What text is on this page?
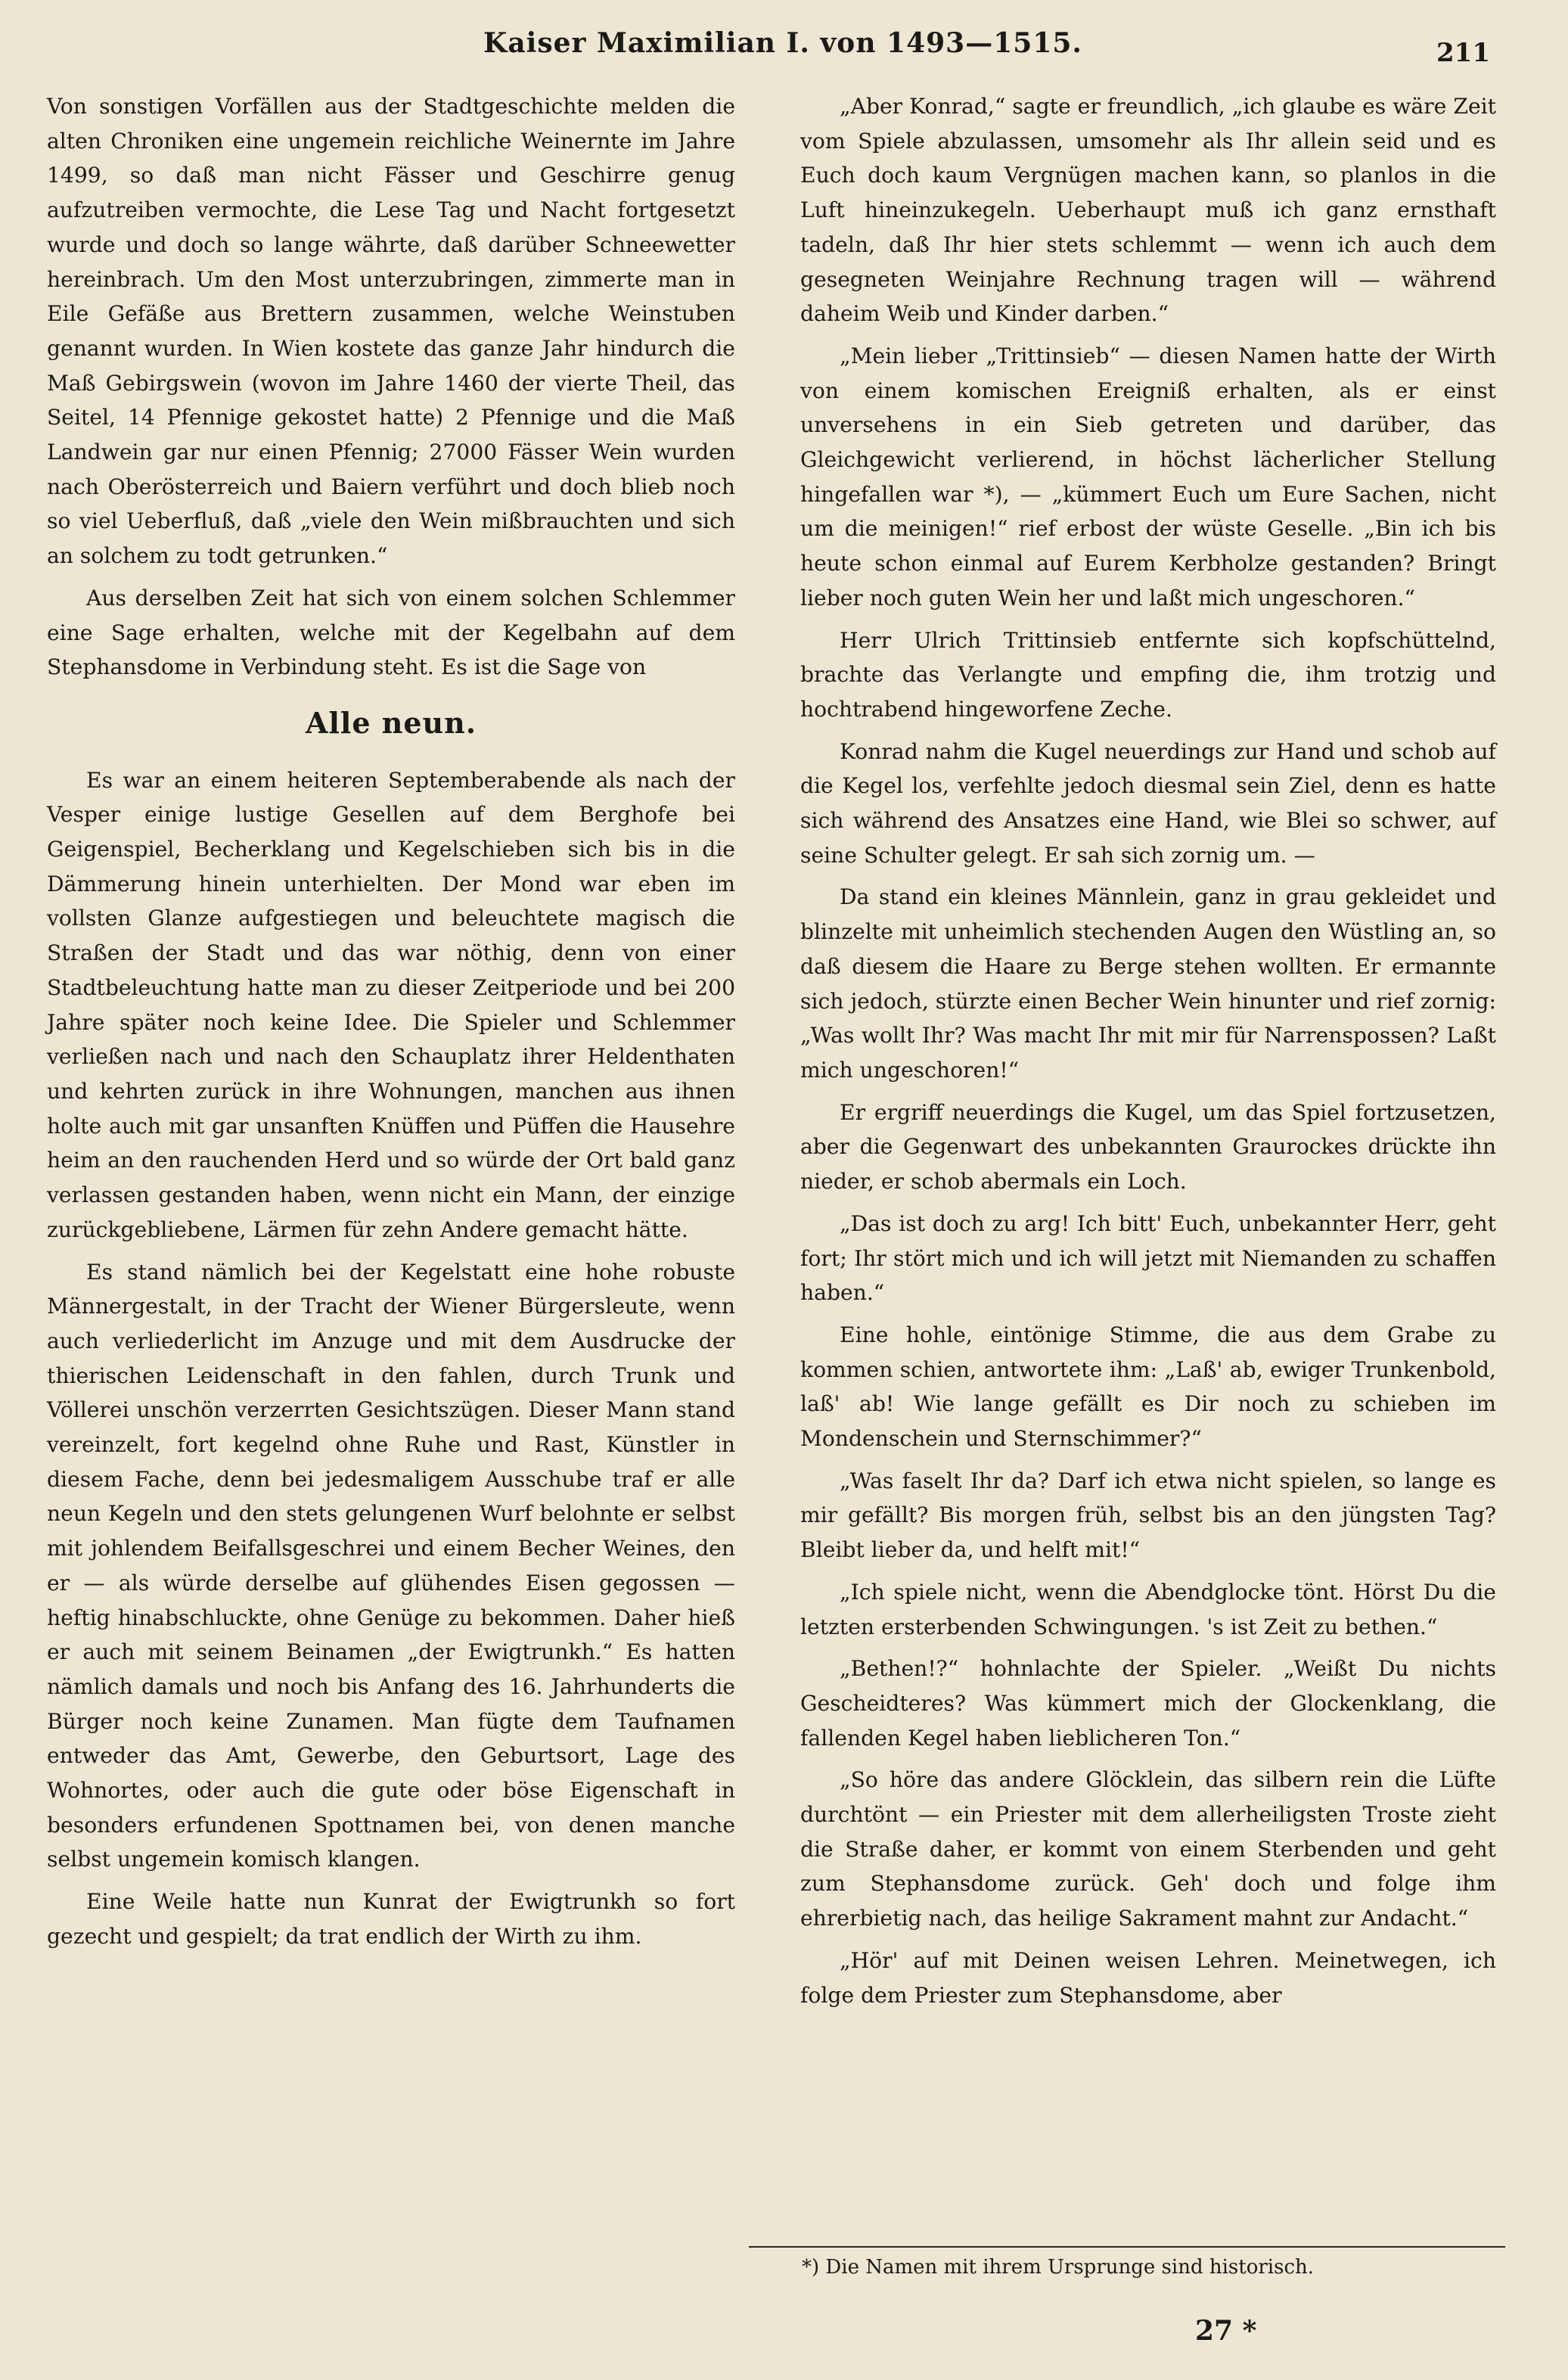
Kaiser Maximilian I. von 1493—1515.	211

Von sonstigen Vorfällen aus der Stadtgeschichte melden die alten Chroniken eine ungemein reichliche Weinernte im Jahre 1499, so daß man nicht Fässer und Geschirre genug aufzutreiben vermochte, die Lese Tag und Nacht fortgesetzt wurde und doch so lange währte, daß darüber Schneewetter hereinbrach. Um den Most unterzubringen, zimmerte man in Eile Gefäße aus Brettern zusammen, welche Weinstuben genannt wurden. In Wien kostete das ganze Jahr hindurch die Maß Gebirgswein (wovon im Jahre 1460 der vierte Theil, das Seitel, 14 Pfennige gekostet hatte) 2 Pfennige und die Maß Landwein gar nur einen Pfennig; 27000 Fässer Wein wurden nach Oberösterreich und Baiern verführt und doch blieb noch so viel Ueberfluß, daß „viele den Wein mißbrauchten und sich an solchem zu todt getrunken.“

Aus derselben Zeit hat sich von einem solchen Schlemmer eine Sage erhalten, welche mit der Kegelbahn auf dem Stephansdome in Verbindung steht. Es ist die Sage von

Alle neun.

Es war an einem heiteren Septemberabende als nach der Vesper einige lustige Gesellen auf dem Berghofe bei Geigenspiel, Becherklang und Kegelschieben sich bis in die Dämmerung hinein unterhielten. Der Mond war eben im vollsten Glanze aufgestiegen und beleuchtete magisch die Straßen der Stadt und das war nöthig, denn von einer Stadtbeleuchtung hatte man zu dieser Zeitperiode und bei 200 Jahre später noch keine Idee. Die Spieler und Schlemmer verließen nach und nach den Schauplatz ihrer Heldenthaten und kehrten zurück in ihre Wohnungen, manchen aus ihnen holte auch mit gar unsanften Knüffen und Püffen die Hausehre heim an den rauchenden Herd und so würde der Ort bald ganz verlassen gestanden haben, wenn nicht ein Mann, der einzige zurückgebliebene, Lärmen für zehn Andere gemacht hätte.

Es stand nämlich bei der Kegelstatt eine hohe robuste Männergestalt, in der Tracht der Wiener Bürgersleute, wenn auch verliederlicht im Anzuge und mit dem Ausdrucke der thierischen Leidenschaft in den fahlen, durch Trunk und Völlerei unschön verzerrten Gesichtszügen. Dieser Mann stand vereinzelt, fort kegelnd ohne Ruhe und Rast, Künstler in diesem Fache, denn bei jedesmaligem Ausschube traf er alle neun Kegeln und den stets gelungenen Wurf belohnte er selbst mit johlendem Beifallsgeschrei und einem Becher Weines, den er — als würde derselbe auf glühendes Eisen gegossen — heftig hinabschluckte, ohne Genüge zu bekommen. Daher hieß er auch mit seinem Beinamen „der Ewigtrunkh.“ Es hatten nämlich damals und noch bis Anfang des 16. Jahrhunderts die Bürger noch keine Zunamen. Man fügte dem Taufnamen entweder das Amt, Gewerbe, den Geburtsort, Lage des Wohnortes, oder auch die gute oder böse Eigenschaft in besonders erfundenen Spottnamen bei, von denen manche selbst ungemein komisch klangen.

Eine Weile hatte nun Kunrat der Ewigtrunkh so fort gezecht und gespielt; da trat endlich der Wirth zu ihm.

„Aber Konrad,“ sagte er freundlich, „ich glaube es wäre Zeit vom Spiele abzulassen, umsomehr als Ihr allein seid und es Euch doch kaum Vergnügen machen kann, so planlos in die Luft hineinzukegeln. Ueberhaupt muß ich ganz ernsthaft tadeln, daß Ihr hier stets schlemmt — wenn ich auch dem gesegneten Weinjahre Rechnung tragen will — während daheim Weib und Kinder darben.“

„Mein lieber „Trittinsieb“ — diesen Namen hatte der Wirth von einem komischen Ereigniß erhalten, als er einst unversehens in ein Sieb getreten und darüber, das Gleichgewicht verlierend, in höchst lächerlicher Stellung hingefallen war *), — „kümmert Euch um Eure Sachen, nicht um die meinigen!“ rief erbost der wüste Geselle. „Bin ich bis heute schon einmal auf Eurem Kerbholze gestanden? Bringt lieber noch guten Wein her und laßt mich ungeschoren.“

Herr Ulrich Trittinsieb entfernte sich kopfschüttelnd, brachte das Verlangte und empfing die, ihm trotzig und hochtrabend hingeworfene Zeche.

Konrad nahm die Kugel neuerdings zur Hand und schob auf die Kegel los, verfehlte jedoch diesmal sein Ziel, denn es hatte sich während des Ansatzes eine Hand, wie Blei so schwer, auf seine Schulter gelegt. Er sah sich zornig um. —

Da stand ein kleines Männlein, ganz in grau gekleidet und blinzelte mit unheimlich stechenden Augen den Wüstling an, so daß diesem die Haare zu Berge stehen wollten. Er ermannte sich jedoch, stürzte einen Becher Wein hinunter und rief zornig: „Was wollt Ihr? Was macht Ihr mit mir für Narrenspossen? Laßt mich ungeschoren!“

Er ergriff neuerdings die Kugel, um das Spiel fortzusetzen, aber die Gegenwart des unbekannten Graurockes drückte ihn nieder, er schob abermals ein Loch.

„Das ist doch zu arg! Ich bitt' Euch, unbekannter Herr, geht fort; Ihr stört mich und ich will jetzt mit Niemanden zu schaffen haben.“

Eine hohle, eintönige Stimme, die aus dem Grabe zu kommen schien, antwortete ihm: „Laß' ab, ewiger Trunkenbold, laß' ab! Wie lange gefällt es Dir noch zu schieben im Mondenschein und Sternschimmer?“

„Was faselt Ihr da? Darf ich etwa nicht spielen, so lange es mir gefällt? Bis morgen früh, selbst bis an den jüngsten Tag? Bleibt lieber da, und helft mit!“

„Ich spiele nicht, wenn die Abendglocke tönt. Hörst Du die letzten ersterbenden Schwingungen. 's ist Zeit zu bethen.“

„Bethen!?“ hohnlachte der Spieler. „Weißt Du nichts Gescheidteres? Was kümmert mich der Glockenklang, die fallenden Kegel haben lieblicheren Ton.“

„So höre das andere Glöcklein, das silbern rein die Lüfte durchtönt — ein Priester mit dem allerheiligsten Troste zieht die Straße daher, er kommt von einem Sterbenden und geht zum Stephansdome zurück. Geh' doch und folge ihm ehrerbietig nach, das heilige Sakrament mahnt zur Andacht.“

„Hör' auf mit Deinen weisen Lehren. Meinetwegen, ich folge dem Priester zum Stephansdome, aber

*) Die Namen mit ihrem Ursprunge sind historisch.
27 *
